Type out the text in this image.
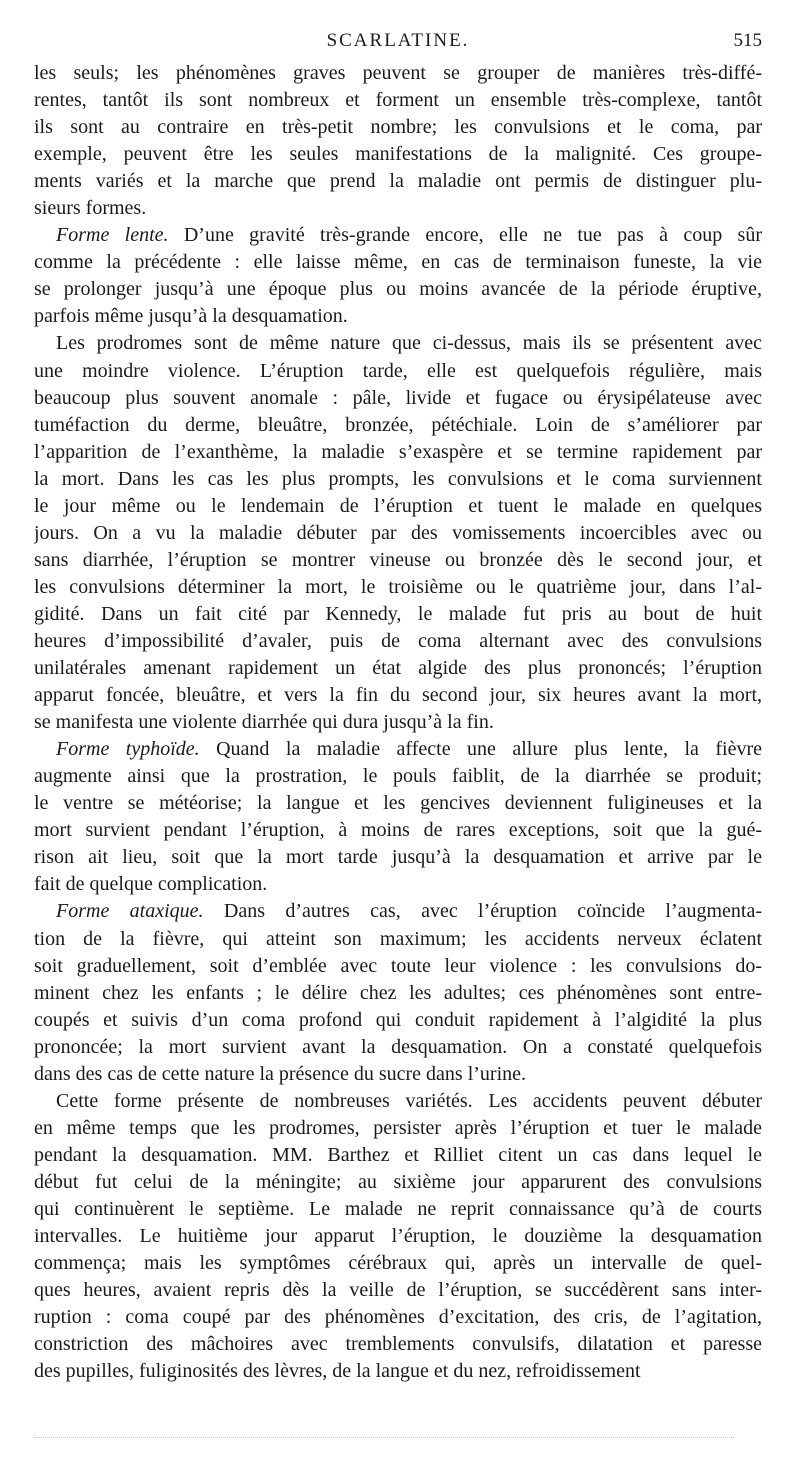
SCARLATINE.	515
les seuls; les phénomènes graves peuvent se grouper de manières très-diffé-
rentes, tantôt ils sont nombreux et forment un ensemble très-complexe, tantôt
ils sont au contraire en très-petit nombre; les convulsions et le coma, par
exemple, peuvent être les seules manifestations de la malignité. Ces groupe-
ments variés et la marche que prend la maladie ont permis de distinguer plu-
sieurs formes.
Forme lente. D’une gravité très-grande encore, elle ne tue pas à coup sûr
comme la précédente : elle laisse même, en cas de terminaison funeste, la vie
se prolonger jusqu’à une époque plus ou moins avancée de la période éruptive,
parfois même jusqu’à la desquamation.
Les prodromes sont de même nature que ci-dessus, mais ils se présentent avec
une moindre violence. L’éruption tarde, elle est quelquefois régulière, mais
beaucoup plus souvent anomale : pâle, livide et fugace ou érysipélateuse avec
tuméfaction du derme, bleuâtre, bronzée, pétéchiale. Loin de s’améliorer par
l’apparition de l’exanthème, la maladie s’exaspère et se termine rapidement par
la mort. Dans les cas les plus prompts, les convulsions et le coma surviennent
le jour même ou le lendemain de l’éruption et tuent le malade en quelques
jours. On a vu la maladie débuter par des vomissements incoercibles avec ou
sans diarrhée, l’éruption se montrer vineuse ou bronzée dès le second jour, et
les convulsions déterminer la mort, le troisième ou le quatrième jour, dans l’al-
gidité. Dans un fait cité par Kennedy, le malade fut pris au bout de huit
heures d’impossibilité d’avaler, puis de coma alternant avec des convulsions
unilatérales amenant rapidement un état algide des plus prononcés; l’éruption
apparut foncée, bleuâtre, et vers la fin du second jour, six heures avant la mort,
se manifesta une violente diarrhée qui dura jusqu’à la fin.
Forme typhoïde. Quand la maladie affecte une allure plus lente, la fièvre
augmente ainsi que la prostration, le pouls faiblit, de la diarrhée se produit;
le ventre se météorise; la langue et les gencives deviennent fuligineuses et la
mort survient pendant l’éruption, à moins de rares exceptions, soit que la gué-
rison ait lieu, soit que la mort tarde jusqu’à la desquamation et arrive par le
fait de quelque complication.
Forme ataxique. Dans d’autres cas, avec l’éruption coïncide l’augmenta-
tion de la fièvre, qui atteint son maximum; les accidents nerveux éclatent
soit graduellement, soit d’emblée avec toute leur violence : les convulsions do-
minent chez les enfants ; le délire chez les adultes; ces phénomènes sont entre-
coupés et suivis d’un coma profond qui conduit rapidement à l’algidité la plus
prononcée; la mort survient avant la desquamation. On a constaté quelquefois
dans des cas de cette nature la présence du sucre dans l’urine.
Cette forme présente de nombreuses variétés. Les accidents peuvent débuter
en même temps que les prodromes, persister après l’éruption et tuer le malade
pendant la desquamation. MM. Barthez et Rilliet citent un cas dans lequel le
début fut celui de la méningite; au sixième jour apparurent des convulsions
qui continuèrent le septième. Le malade ne reprit connaissance qu’à de courts
intervalles. Le huitième jour apparut l’éruption, le douzième la desquamation
commença; mais les symptômes cérébraux qui, après un intervalle de quel-
ques heures, avaient repris dès la veille de l’éruption, se succédèrent sans inter-
ruption : coma coupé par des phénomènes d’excitation, des cris, de l’agitation,
constriction des mâchoires avec tremblements convulsifs, dilatation et paresse
des pupilles, fuliginosités des lèvres, de la langue et du nez, refroidissement
